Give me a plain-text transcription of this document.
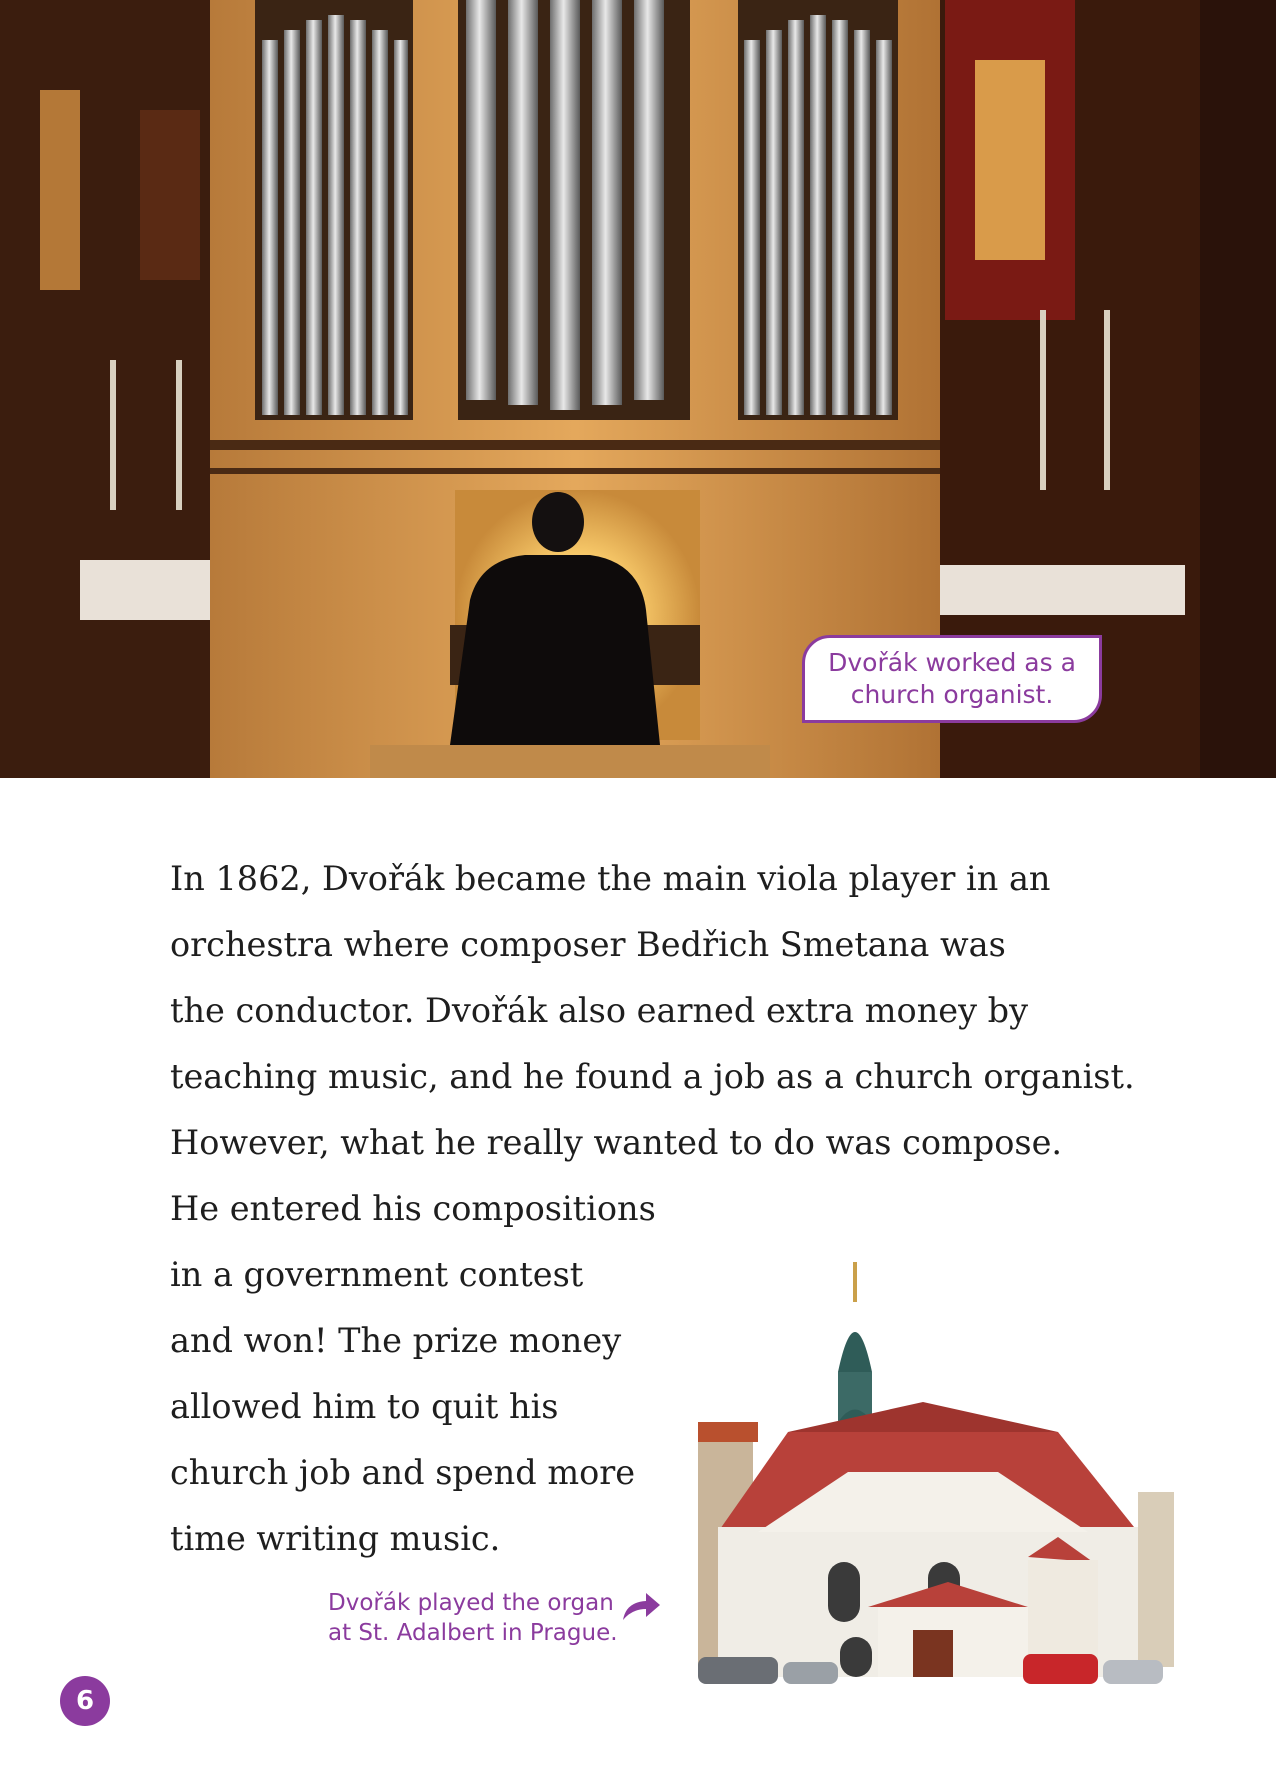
Dvořák worked as a church organist.
In 1862, Dvořák became the main viola player in an
orchestra where composer Bedřich Smetana was
the conductor. Dvořák also earned extra money by
teaching music, and he found a job as a church organist.
However, what he really wanted to do was compose.
He entered his compositions
in a government contest
and won! The prize money
allowed him to quit his
church job and spend more
time writing music.
Dvořák played the organ
at St. Adalbert in Prague.
6
